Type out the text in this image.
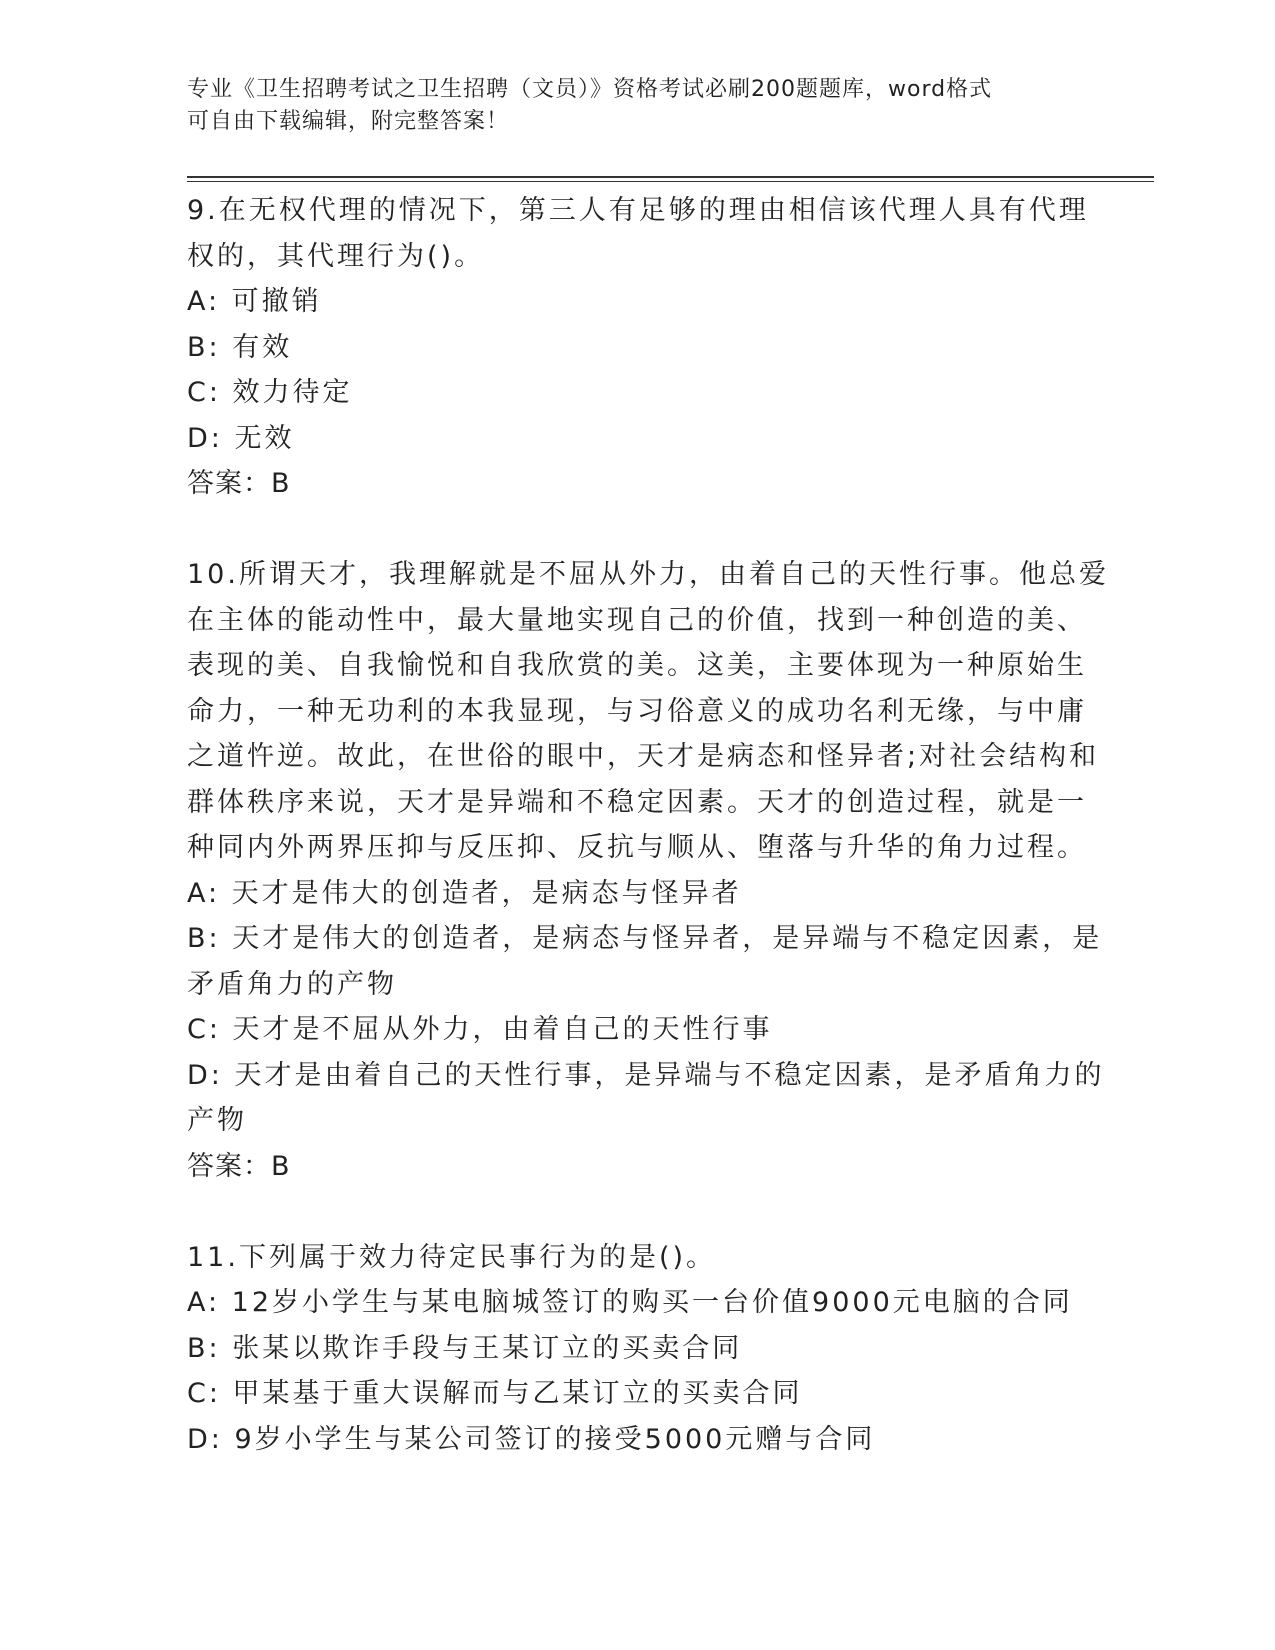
专业《卫生招聘考试之卫生招聘（文员）》资格考试必刷200题题库，word格式
可自由下载编辑，附完整答案！
9.在无权代理的情况下，第三人有足够的理由相信该代理人具有代理
权的，其代理行为()。
A: 可撤销
B: 有效
C: 效力待定
D: 无效
答案：B
10.所谓天才，我理解就是不屈从外力，由着自己的天性行事。他总爱
在主体的能动性中，最大量地实现自己的价值，找到一种创造的美、
表现的美、自我愉悦和自我欣赏的美。这美，主要体现为一种原始生
命力，一种无功利的本我显现，与习俗意义的成功名利无缘，与中庸
之道忤逆。故此，在世俗的眼中，天才是病态和怪异者;对社会结构和
群体秩序来说，天才是异端和不稳定因素。天才的创造过程，就是一
种同内外两界压抑与反压抑、反抗与顺从、堕落与升华的角力过程。
A: 天才是伟大的创造者，是病态与怪异者
B: 天才是伟大的创造者，是病态与怪异者，是异端与不稳定因素，是
矛盾角力的产物
C: 天才是不屈从外力，由着自己的天性行事
D: 天才是由着自己的天性行事，是异端与不稳定因素，是矛盾角力的
产物
答案：B
11.下列属于效力待定民事行为的是()。
A: 12岁小学生与某电脑城签订的购买一台价值9000元电脑的合同
B: 张某以欺诈手段与王某订立的买卖合同
C: 甲某基于重大误解而与乙某订立的买卖合同
D: 9岁小学生与某公司签订的接受5000元赠与合同
